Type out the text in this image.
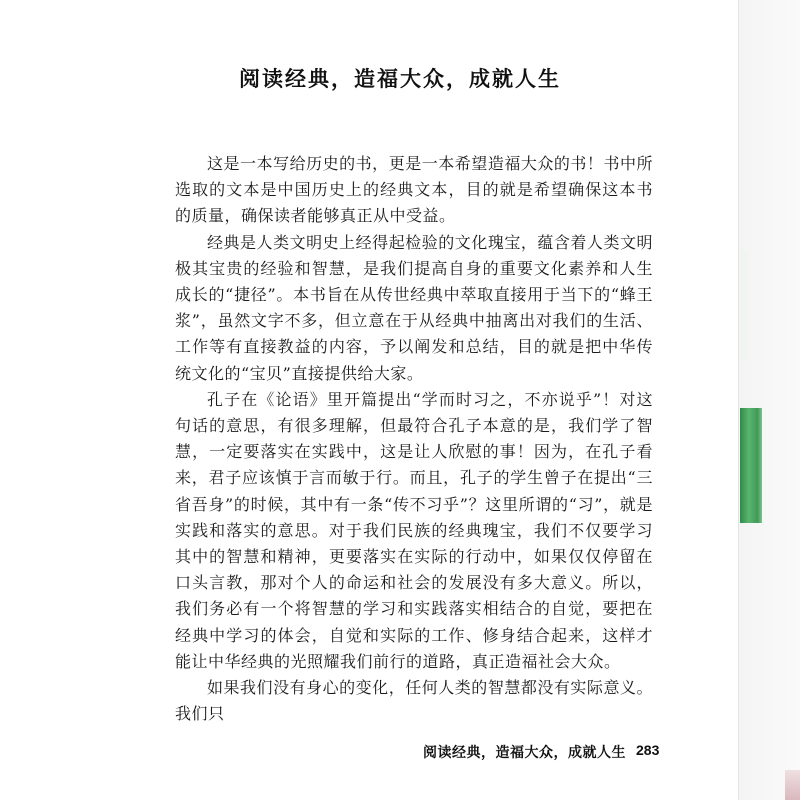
阅读经典，造福大众，成就人生

这是一本写给历史的书，更是一本希望造福大众的书！书中所选取的文本是中国历史上的经典文本，目的就是希望确保这本书的质量，确保读者能够真正从中受益。

经典是人类文明史上经得起检验的文化瑰宝，蕴含着人类文明极其宝贵的经验和智慧，是我们提高自身的重要文化素养和人生成长的“捷径”。本书旨在从传世经典中萃取直接用于当下的“蜂王浆”，虽然文字不多，但立意在于从经典中抽离出对我们的生活、工作等有直接教益的内容，予以阐发和总结，目的就是把中华传统文化的“宝贝”直接提供给大家。

孔子在《论语》里开篇提出“学而时习之，不亦说乎”！对这句话的意思，有很多理解，但最符合孔子本意的是，我们学了智慧，一定要落实在实践中，这是让人欣慰的事！因为，在孔子看来，君子应该慎于言而敏于行。而且，孔子的学生曾子在提出“三省吾身”的时候，其中有一条“传不习乎”？这里所谓的“习”，就是实践和落实的意思。对于我们民族的经典瑰宝，我们不仅要学习其中的智慧和精神，更要落实在实际的行动中，如果仅仅停留在口头言教，那对个人的命运和社会的发展没有多大意义。所以，我们务必有一个将智慧的学习和实践落实相结合的自觉，要把在经典中学习的体会，自觉和实际的工作、修身结合起来，这样才能让中华经典的光照耀我们前行的道路，真正造福社会大众。

如果我们没有身心的变化，任何人类的智慧都没有实际意义。我们只

阅读经典，造福大众，成就人生 283
